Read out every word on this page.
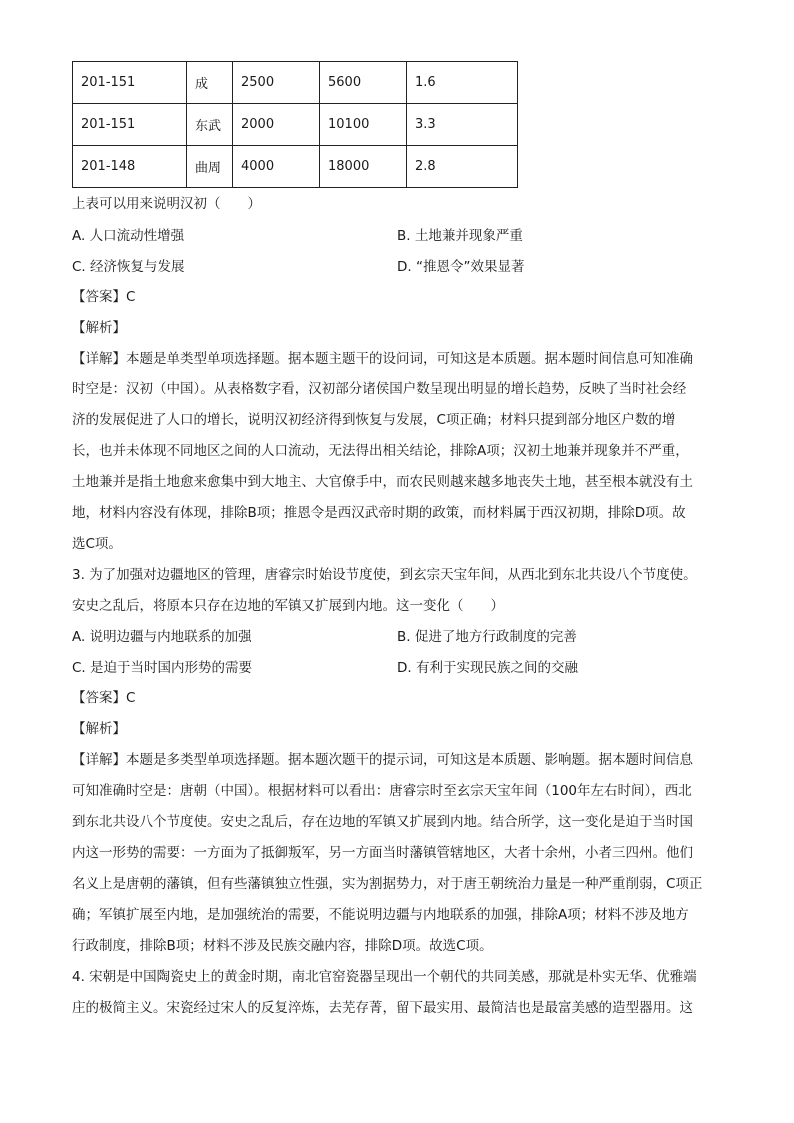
201-151	成	2500	5600	1.6
201-151	东武	2000	10100	3.3
201-148	曲周	4000	18000	2.8
上表可以用来说明汉初（　　）
A. 人口流动性增强	B. 土地兼并现象严重
C. 经济恢复与发展	D. “推恩令”效果显著
【答案】C
【解析】
【详解】本题是单类型单项选择题。据本题主题干的设问词，可知这是本质题。据本题时间信息可知准确
时空是：汉初（中国）。从表格数字看，汉初部分诸侯国户数呈现出明显的增长趋势，反映了当时社会经
济的发展促进了人口的增长，说明汉初经济得到恢复与发展，C项正确；材料只提到部分地区户数的增
长，也并未体现不同地区之间的人口流动，无法得出相关结论，排除A项；汉初土地兼并现象并不严重，
土地兼并是指土地愈来愈集中到大地主、大官僚手中，而农民则越来越多地丧失土地，甚至根本就没有土
地，材料内容没有体现，排除B项；推恩令是西汉武帝时期的政策，而材料属于西汉初期，排除D项。故
选C项。
3. 为了加强对边疆地区的管理，唐睿宗时始设节度使，到玄宗天宝年间，从西北到东北共设八个节度使。
安史之乱后，将原本只存在边地的军镇又扩展到内地。这一变化（　　）
A. 说明边疆与内地联系的加强	B. 促进了地方行政制度的完善
C. 是迫于当时国内形势的需要	D. 有利于实现民族之间的交融
【答案】C
【解析】
【详解】本题是多类型单项选择题。据本题次题干的提示词，可知这是本质题、影响题。据本题时间信息
可知准确时空是：唐朝（中国）。根据材料可以看出：唐睿宗时至玄宗天宝年间（100年左右时间），西北
到东北共设八个节度使。安史之乱后，存在边地的军镇又扩展到内地。结合所学，这一变化是迫于当时国
内这一形势的需要：一方面为了抵御叛军，另一方面当时藩镇管辖地区，大者十余州，小者三四州。他们
名义上是唐朝的藩镇，但有些藩镇独立性强，实为割据势力，对于唐王朝统治力量是一种严重削弱，C项正
确；军镇扩展至内地，是加强统治的需要，不能说明边疆与内地联系的加强，排除A项；材料不涉及地方
行政制度，排除B项；材料不涉及民族交融内容，排除D项。故选C项。
4. 宋朝是中国陶瓷史上的黄金时期，南北官窑瓷器呈现出一个朝代的共同美感，那就是朴实无华、优雅端
庄的极简主义。宋瓷经过宋人的反复淬炼，去芜存菁，留下最实用、最简洁也是最富美感的造型器用。这
